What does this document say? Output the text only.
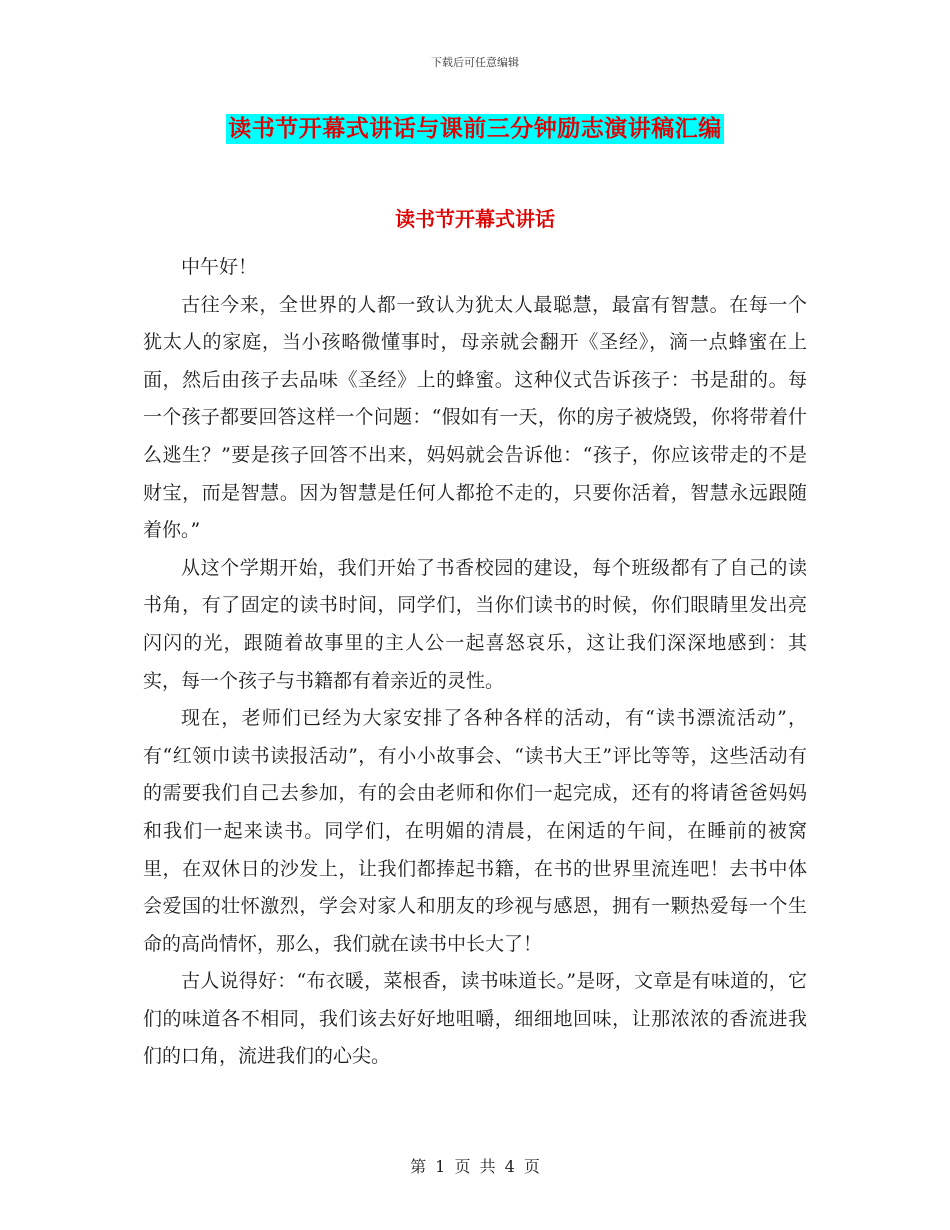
下载后可任意编辑
读书节开幕式讲话与课前三分钟励志演讲稿汇编
读书节开幕式讲话

中午好！

古往今来，全世界的人都一致认为犹太人最聪慧，最富有智慧。在每一个犹太人的家庭，当小孩略微懂事时，母亲就会翻开《圣经》，滴一点蜂蜜在上面，然后由孩子去品味《圣经》上的蜂蜜。这种仪式告诉孩子：书是甜的。每一个孩子都要回答这样一个问题：“假如有一天，你的房子被烧毁，你将带着什么逃生？”要是孩子回答不出来，妈妈就会告诉他：“孩子，你应该带走的不是财宝，而是智慧。因为智慧是任何人都抢不走的，只要你活着，智慧永远跟随着你。”

从这个学期开始，我们开始了书香校园的建设，每个班级都有了自己的读书角，有了固定的读书时间，同学们，当你们读书的时候，你们眼睛里发出亮闪闪的光，跟随着故事里的主人公一起喜怒哀乐，这让我们深深地感到：其实，每一个孩子与书籍都有着亲近的灵性。

现在，老师们已经为大家安排了各种各样的活动，有“读书漂流活动”，有“红领巾读书读报活动”，有小小故事会、“读书大王”评比等等，这些活动有的需要我们自己去参加，有的会由老师和你们一起完成，还有的将请爸爸妈妈和我们一起来读书。同学们，在明媚的清晨，在闲适的午间，在睡前的被窝里，在双休日的沙发上，让我们都捧起书籍，在书的世界里流连吧！去书中体会爱国的壮怀激烈，学会对家人和朋友的珍视与感恩，拥有一颗热爱每一个生命的高尚情怀，那么，我们就在读书中长大了！

古人说得好：“布衣暖，菜根香，读书味道长。”是呀，文章是有味道的，它们的味道各不相同，我们该去好好地咀嚼，细细地回味，让那浓浓的香流进我们的口角，流进我们的心尖。

第 1 页 共 4 页
